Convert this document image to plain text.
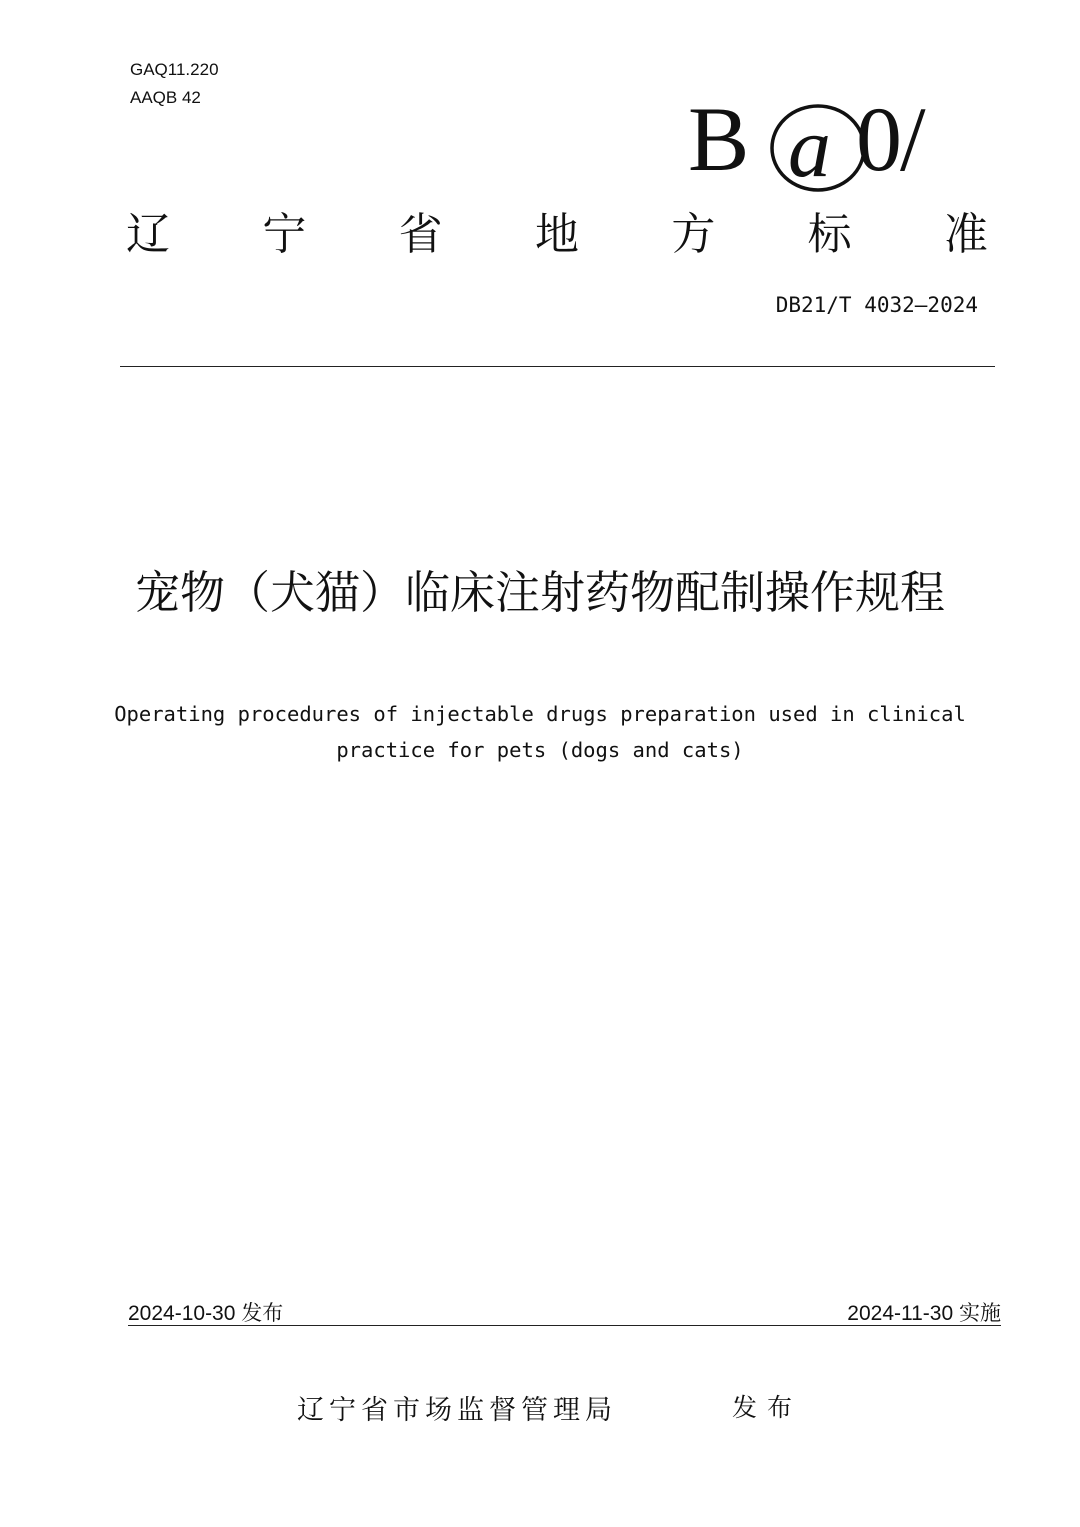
GAQ11.220
AAQB 42	B a 0
/
辽 宁 省 地 方 标 准
DB21/T 4032—2024
宠物（犬猫）临床注射药物配制操作规程
Operating procedures of injectable drugs preparation used in clinical
practice for pets (dogs and cats)
2024-10-30 发布	2024-11-30 实施
辽宁省市场监督管理局	发布
